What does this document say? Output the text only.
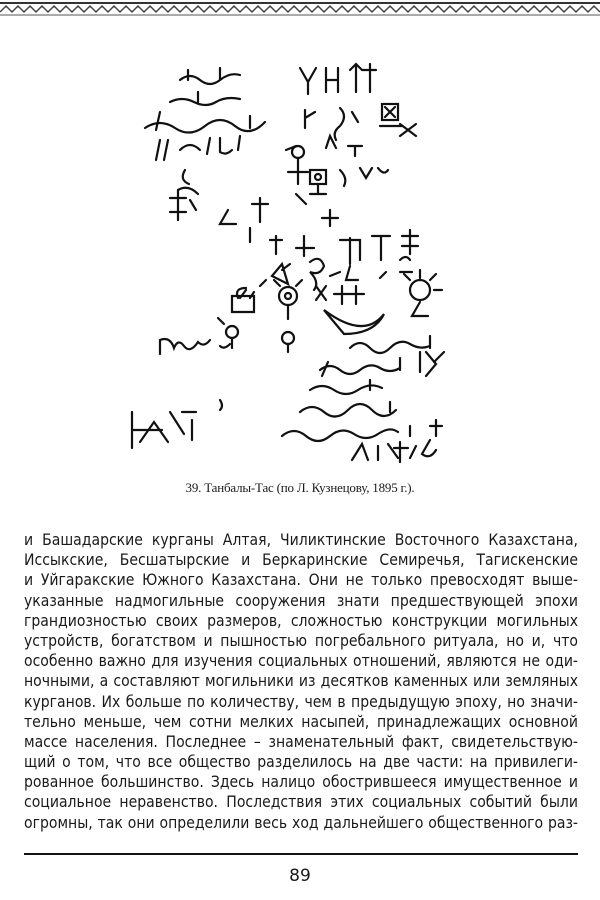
39. Танбалы-Тас (по Л. Кузнецову, 1895 г.).
и Башадарские курганы Алтая, Чиликтинские Восточного Казахстана,
Иссыкские, Бесшатырские и Беркаринские Семиречья, Тагискенские
и Уйгаракские Южного Казахстана. Они не только превосходят выше-
указанные надмогильные сооружения знати предшествующей эпохи
грандиозностью своих размеров, сложностью конструкции могильных
устройств, богатством и пышностью погребального ритуала, но и, что
особенно важно для изучения социальных отношений, являются не оди-
ночными, а составляют могильники из десятков каменных или земляных
курганов. Их больше по количеству, чем в предыдущую эпоху, но значи-
тельно меньше, чем сотни мелких насыпей, принадлежащих основной
массе населения. Последнее – знаменательный факт, свидетельствую-
щий о том, что все общество разделилось на две части: на привилеги-
рованное большинство. Здесь налицо обострившееся имущественное и
социальное неравенство. Последствия этих социальных событий были
огромны, так они определили весь ход дальнейшего общественного раз-
89
